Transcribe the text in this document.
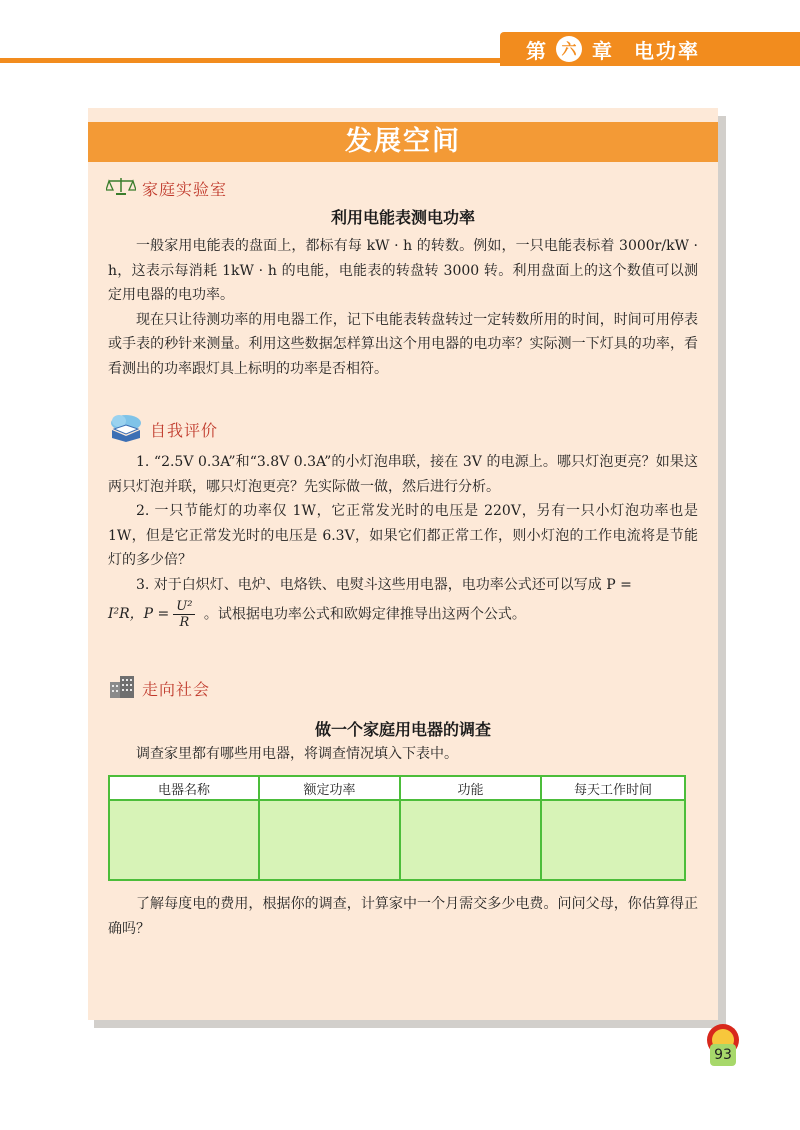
第	六 章 电功率
发展空间
家庭实验室
利用电能表测电功率

一般家用电能表的盘面上，都标有每 kW · h 的转数。例如，一只电能表标着 3000r/kW · h，这表示每消耗 1kW · h 的电能，电能表的转盘转 3000 转。利用盘面上的这个数值可以测定用电器的电功率。

现在只让待测功率的用电器工作，记下电能表转盘转过一定转数所用的时间，时间可用停表或手表的秒针来测量。利用这些数据怎样算出这个用电器的电功率？实际测一下灯具的功率，看看测出的功率跟灯具上标明的功率是否相符。

自我评价

1. “2.5V 0.3A”和“3.8V 0.3A”的小灯泡串联，接在 3V 的电源上。哪只灯泡更亮？如果这两只灯泡并联，哪只灯泡更亮？先实际做一做，然后进行分析。

2. 一只节能灯的功率仅 1W，它正常发光时的电压是 220V，另有一只小灯泡功率也是 1W，但是它正常发光时的电压是 6.3V，如果它们都正常工作，则小灯泡的工作电流将是节能灯的多少倍？

3. 对于白炽灯、电炉、电烙铁、电熨斗这些用电器，电功率公式还可以写成 P =

I²R，$P = \frac{\text{U²}}{R}$ 。试根据电功率公式和欧姆定律推导出这两个公式。

走向社会
做一个家庭用电器的调查

调查家里都有哪些用电器，将调查情况填入下表中。

电器名称	额定功率	功能	每天工作时间

了解每度电的费用，根据你的调查，计算家中一个月需交多少电费。问问父母，你估算得正确吗？

93
